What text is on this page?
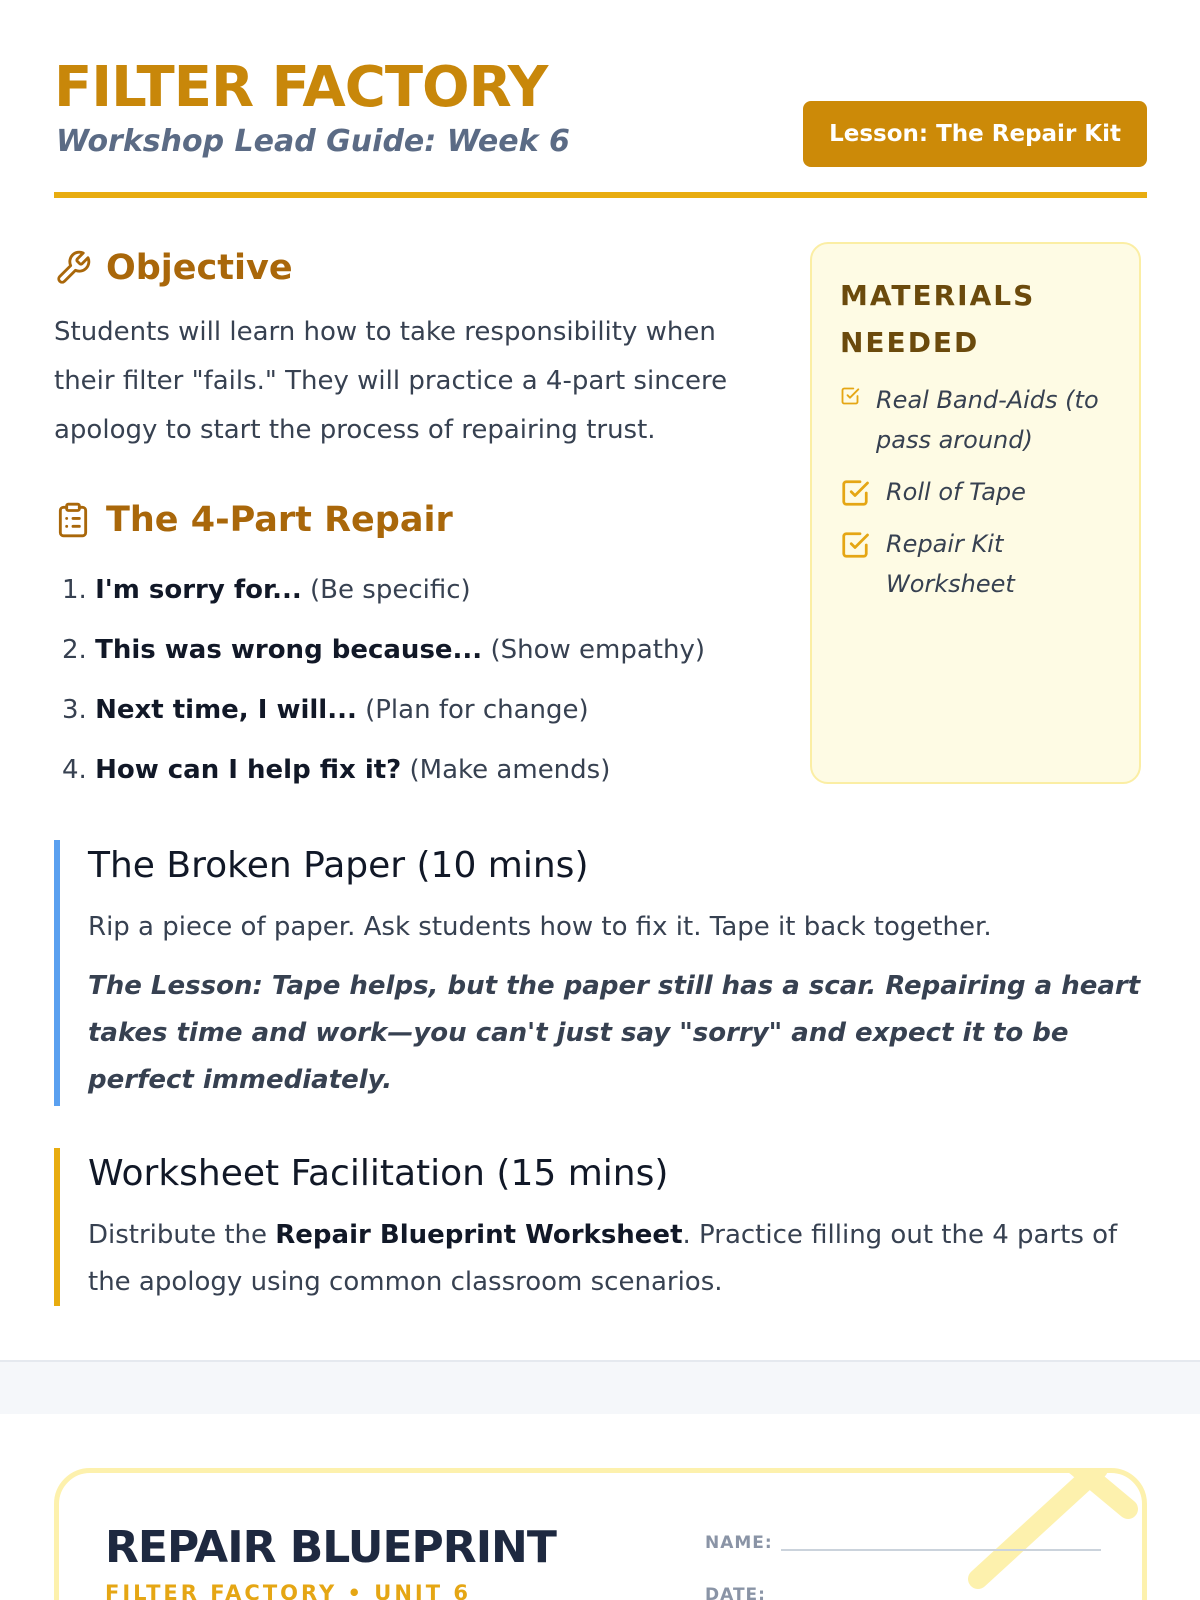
FILTER FACTORY

Workshop Lead Guide: Week 6	Lesson: The Repair Kit
Objective

Students will learn how to take responsibility when their filter "fails." They will practice a 4-part sincere apology to start the process of repairing trust.

The 4-Part Repair
1. I'm sorry for... (Be specific)
2. This was wrong because... (Show empathy)
3. Next time, I will... (Plan for change)
4. How can I help fix it? (Make amends)
MATERIALS NEEDED
Real Band-Aids (to pass around)
Roll of Tape
Repair Kit Worksheet
The Broken Paper (10 mins)

Rip a piece of paper. Ask students how to fix it. Tape it back together.

The Lesson: Tape helps, but the paper still has a scar. Repairing a heart takes time and work—you can't just say "sorry" and expect it to be perfect immediately.

Worksheet Facilitation (15 mins)

Distribute the Repair Blueprint Worksheet. Practice filling out the 4 parts of the apology using common classroom scenarios.

REPAIR BLUEPRINT

FILTER FACTORY • UNIT 6

NAME:
DATE:
